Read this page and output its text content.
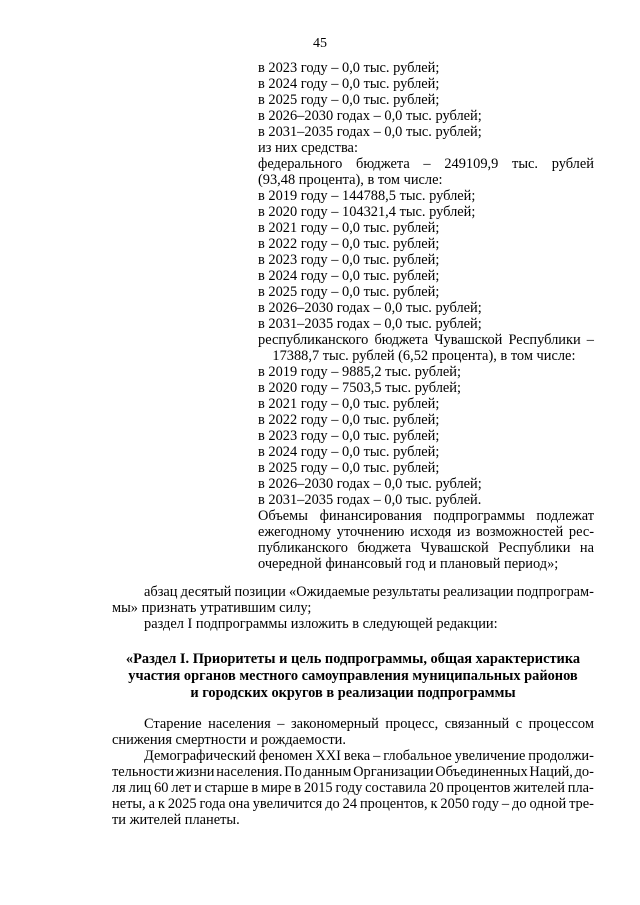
45
в 2023 году – 0,0 тыс. рублей;
в 2024 году – 0,0 тыс. рублей;
в 2025 году – 0,0 тыс. рублей;
в 2026–2030 годах – 0,0 тыс. рублей;
в 2031–2035 годах – 0,0 тыс. рублей;
из них средства:
федерального бюджета – 249109,9 тыс. рублей
(93,48 процента), в том числе:
в 2019 году – 144788,5 тыс. рублей;
в 2020 году – 104321,4 тыс. рублей;
в 2021 году – 0,0 тыс. рублей;
в 2022 году – 0,0 тыс. рублей;
в 2023 году – 0,0 тыс. рублей;
в 2024 году – 0,0 тыс. рублей;
в 2025 году – 0,0 тыс. рублей;
в 2026–2030 годах – 0,0 тыс. рублей;
в 2031–2035 годах – 0,0 тыс. рублей;
республиканского бюджета Чувашской Республики –
17388,7 тыс. рублей (6,52 процента), в том числе:
в 2019 году – 9885,2 тыс. рублей;
в 2020 году – 7503,5 тыс. рублей;
в 2021 году – 0,0 тыс. рублей;
в 2022 году – 0,0 тыс. рублей;
в 2023 году – 0,0 тыс. рублей;
в 2024 году – 0,0 тыс. рублей;
в 2025 году – 0,0 тыс. рублей;
в 2026–2030 годах – 0,0 тыс. рублей;
в 2031–2035 годах – 0,0 тыс. рублей.
Объемы финансирования подпрограммы подлежат
ежегодному уточнению исходя из возможностей рес-
публиканского бюджета Чувашской Республики на
очередной финансовый год и плановый период»;
абзац десятый позиции «Ожидаемые результаты реализации подпрограм-
мы» признать утратившим силу;
раздел I подпрограммы изложить в следующей редакции:
«Раздел I. Приоритеты и цель подпрограммы, общая характеристика
участия органов местного самоуправления муниципальных районов
и городских округов в реализации подпрограммы
Старение населения – закономерный процесс, связанный с процессом
снижения смертности и рождаемости.
Демографический феномен XXI века – глобальное увеличение продолжи-
тельности жизни населения. По данным Организации Объединенных Наций, до-
ля лиц 60 лет и старше в мире в 2015 году составила 20 процентов жителей пла-
неты, а к 2025 года она увеличится до 24 процентов, к 2050 году – до одной тре-
ти жителей планеты.
